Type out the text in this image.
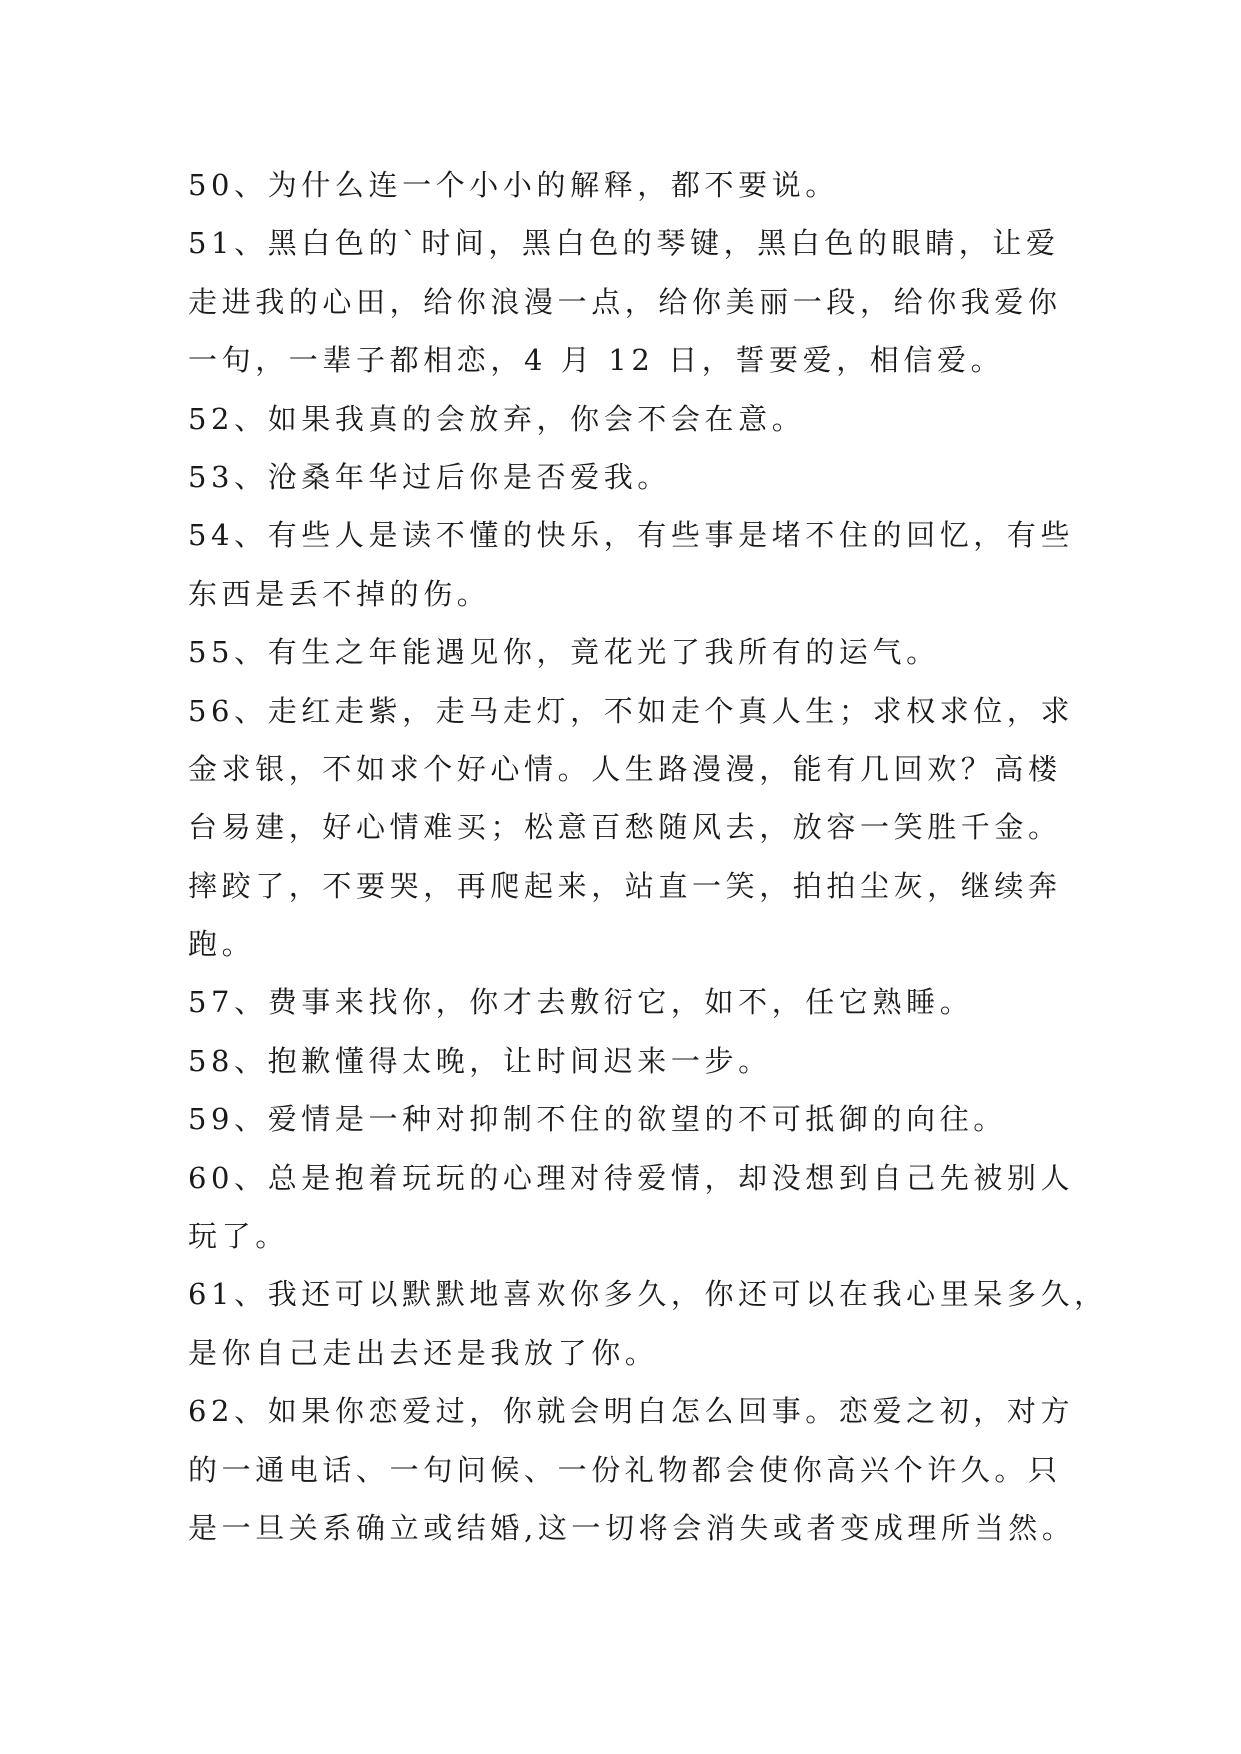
50、为什么连一个小小的解释，都不要说。
51、黑白色的`时间，黑白色的琴键，黑白色的眼睛，让爱
走进我的心田，给你浪漫一点，给你美丽一段，给你我爱你
一句，一辈子都相恋，4 月 12 日，誓要爱，相信爱。
52、如果我真的会放弃，你会不会在意。
53、沧桑年华过后你是否爱我。
54、有些人是读不懂的快乐，有些事是堵不住的回忆，有些
东西是丢不掉的伤。
55、有生之年能遇见你，竟花光了我所有的运气。
56、走红走紫，走马走灯，不如走个真人生；求权求位，求
金求银，不如求个好心情。人生路漫漫，能有几回欢？高楼
台易建，好心情难买；松意百愁随风去，放容一笑胜千金。
摔跤了，不要哭，再爬起来，站直一笑，拍拍尘灰，继续奔
跑。
57、费事来找你，你才去敷衍它，如不，任它熟睡。
58、抱歉懂得太晚，让时间迟来一步。
59、爱情是一种对抑制不住的欲望的不可抵御的向往。
60、总是抱着玩玩的心理对待爱情，却没想到自己先被别人
玩了。
61、我还可以默默地喜欢你多久，你还可以在我心里呆多久，
是你自己走出去还是我放了你。
62、如果你恋爱过，你就会明白怎么回事。恋爱之初，对方
的一通电话、一句问候、一份礼物都会使你高兴个许久。只
是一旦关系确立或结婚,这一切将会消失或者变成理所当然。
